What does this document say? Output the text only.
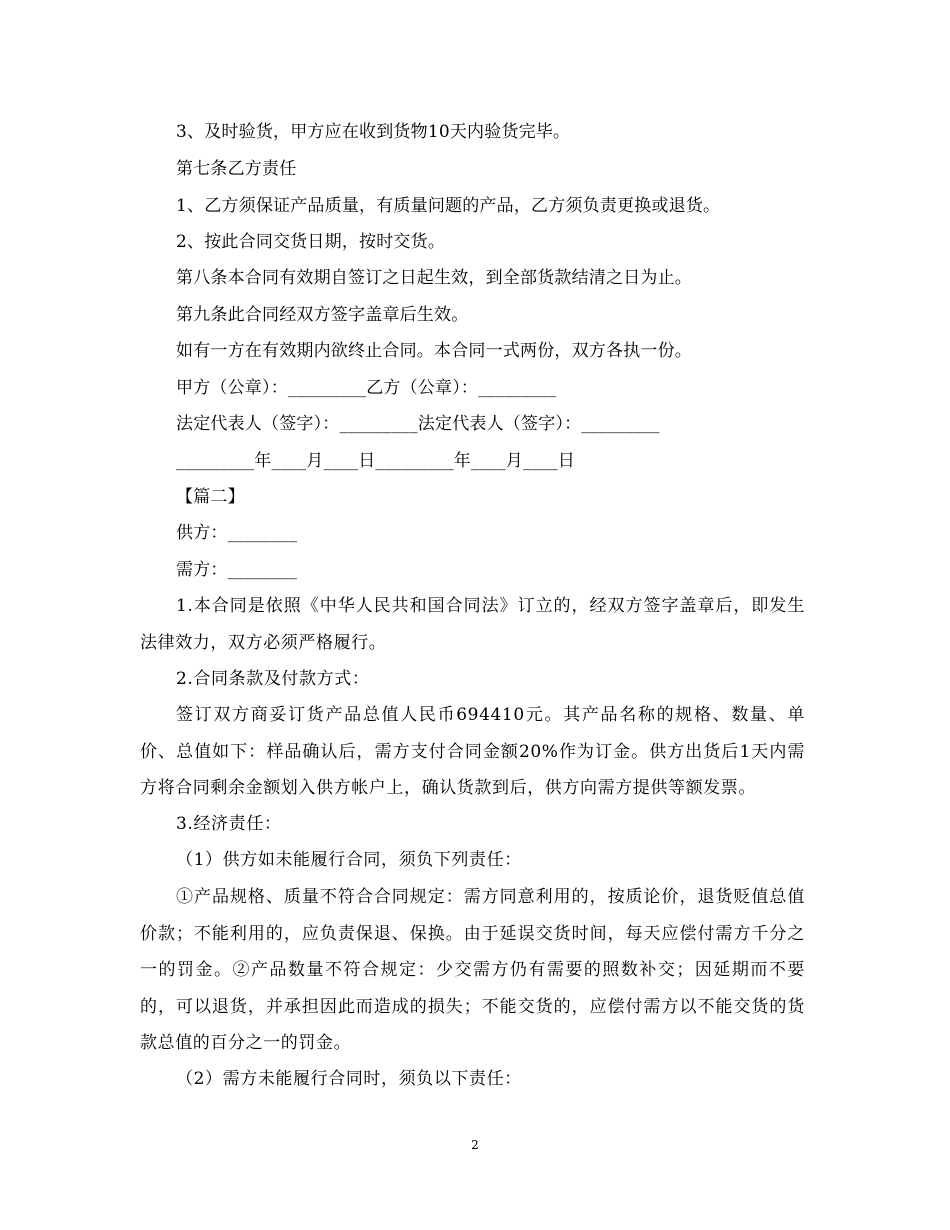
3、及时验货，甲方应在收到货物10天内验货完毕。
第七条乙方责任
1、乙方须保证产品质量，有质量问题的产品，乙方须负责更换或退货。
2、按此合同交货日期，按时交货。
第八条本合同有效期自签订之日起生效，到全部货款结清之日为止。
第九条此合同经双方签字盖章后生效。
如有一方在有效期内欲终止合同。本合同一式两份，双方各执一份。
甲方（公章）：_________乙方（公章）：_________
法定代表人（签字）：_________法定代表人（签字）：_________
_________年____月____日_________年____月____日
【篇二】
供方：________
需方：________
1.本合同是依照《中华人民共和国合同法》订立的，经双方签字盖章后，即发生法律效力，双方必须严格履行。
2.合同条款及付款方式：
签订双方商妥订货产品总值人民币694410元。其产品名称的规格、数量、单价、总值如下：样品确认后，需方支付合同金额20%作为订金。供方出货后1天内需方将合同剩余金额划入供方帐户上，确认货款到后，供方向需方提供等额发票。
3.经济责任：
（1）供方如未能履行合同，须负下列责任：
①产品规格、质量不符合合同规定：需方同意利用的，按质论价，退货贬值总值价款；不能利用的，应负责保退、保换。由于延误交货时间，每天应偿付需方千分之一的罚金。②产品数量不符合规定：少交需方仍有需要的照数补交；因延期而不要的，可以退货，并承担因此而造成的损失；不能交货的，应偿付需方以不能交货的货款总值的百分之一的罚金。
（2）需方未能履行合同时，须负以下责任：
2
